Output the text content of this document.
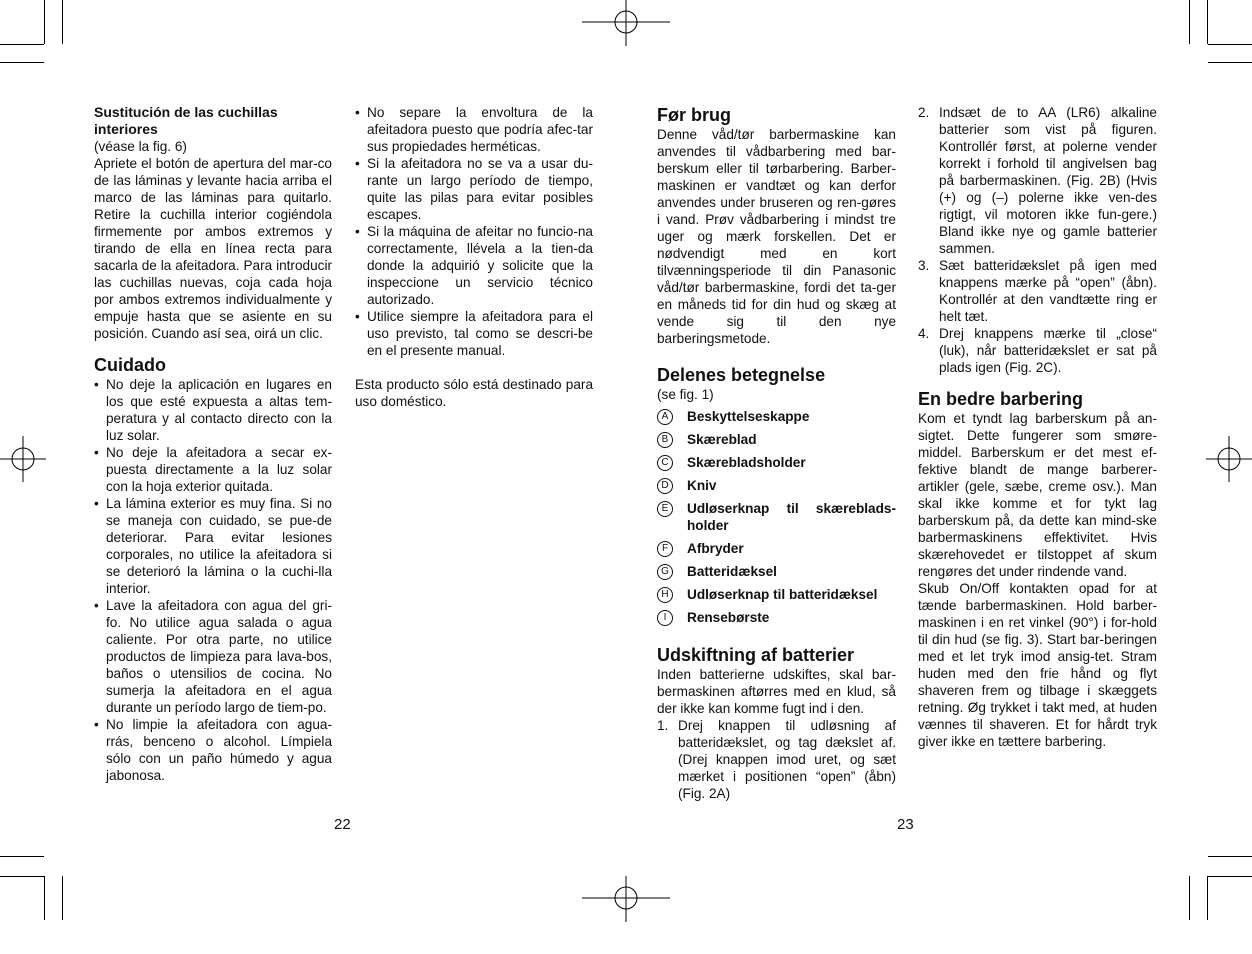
Sustitución de las cuchillas interiores

(véase la fig. 6)

Apriete el botón de apertura del mar-co de las láminas y levante hacia arriba el marco de las láminas para quitarlo. Retire la cuchilla interior cogiéndola firmemente por ambos extremos y tirando de ella en línea recta para sacarla de la afeitadora. Para introducir las cuchillas nuevas, coja cada hoja por ambos extremos individualmente y empuje hasta que se asiente en su posición. Cuando así sea, oirá un clic.

Cuidado
• No deje la aplicación en lugares en los que esté expuesta a altas tem-peratura y al contacto directo con la luz solar.
• No deje la afeitadora a secar ex-puesta directamente a la luz solar con la hoja exterior quitada.
• La lámina exterior es muy fina. Si no se maneja con cuidado, se pue-de deteriorar. Para evitar lesiones corporales, no utilice la afeitadora si se deterioró la lámina o la cuchi-lla interior.
• Lave la afeitadora con agua del gri-fo. No utilice agua salada o agua caliente. Por otra parte, no utilice productos de limpieza para lava-bos, baños o utensilios de cocina. No sumerja la afeitadora en el agua durante un período largo de tiem-po.
• No limpie la afeitadora con agua-rrás, benceno o alcohol. Límpiela sólo con un paño húmedo y agua jabonosa.
• No separe la envoltura de la afeitadora puesto que podría afec-tar sus propiedades herméticas.
• Si la afeitadora no se va a usar du-rante un largo período de tiempo, quite las pilas para evitar posibles escapes.
• Si la máquina de afeitar no funcio-na correctamente, llévela a la tien-da donde la adquirió y solicite que la inspeccione un servicio técnico autorizado.
• Utilice siempre la afeitadora para el uso previsto, tal como se descri-be en el presente manual.

Esta producto sólo está destinado para uso doméstico.

22
Før brug

Denne våd/tør barbermaskine kan anvendes til vådbarbering med bar-berskum eller til tørbarbering. Barber-maskinen er vandtæt og kan derfor anvendes under bruseren og ren-gøres i vand. Prøv vådbarbering i mindst tre uger og mærk forskellen. Det er nødvendigt med en kort tilvænningsperiode til din Panasonic våd/tør barbermaskine, fordi det ta-ger en måneds tid for din hud og skæg at vende sig til den nye barberingsmetode.

Delenes betegnelse

(se fig. 1)

A	Beskyttelseskappe
B	Skæreblad
C	Skærebladsholder
D	Kniv
E	Udløserknap til skæreblads-holder
F	Afbryder
G	Batteridæksel
H	Udløserknap til batteridæksel
I	Rensebørste
Udskiftning af batterier

Inden batterierne udskiftes, skal bar-bermaskinen aftørres med en klud, så der ikke kan komme fugt ind i den.

1. Drej knappen til udløsning af batteridækslet, og tag dækslet af. (Drej knappen imod uret, og sæt mærket i positionen “open” (åbn) (Fig. 2A)
2. Indsæt de to AA (LR6) alkaline batterier som vist på figuren. Kontrollér først, at polerne vender korrekt i forhold til angivelsen bag på barbermaskinen. (Fig. 2B) (Hvis (+) og (–) polerne ikke ven-des rigtigt, vil motoren ikke fun-gere.) Bland ikke nye og gamle batterier sammen.
3. Sæt batteridækslet på igen med knappens mærke på “open” (åbn). Kontrollér at den vandtætte ring er helt tæt.
4. Drej knappens mærke til „close“ (luk), når batteridækslet er sat på plads igen (Fig. 2C).
En bedre barbering

Kom et tyndt lag barberskum på an-sigtet. Dette fungerer som smøre-middel. Barberskum er det mest ef-fektive blandt de mange barberer-artikler (gele, sæbe, creme osv.). Man skal ikke komme et for tykt lag barberskum på, da dette kan mind-ske barbermaskinens effektivitet. Hvis skærehovedet er tilstoppet af skum rengøres det under rindende vand.

Skub On/Off kontakten opad for at tænde barbermaskinen. Hold barber-maskinen i en ret vinkel (90°) i for-hold til din hud (se fig. 3). Start bar-beringen med et let tryk imod ansig-tet. Stram huden med den frie hånd og flyt shaveren frem og tilbage i skæggets retning. Øg trykket i takt med, at huden vænnes til shaveren. Et for hårdt tryk giver ikke en tættere barbering.

23
